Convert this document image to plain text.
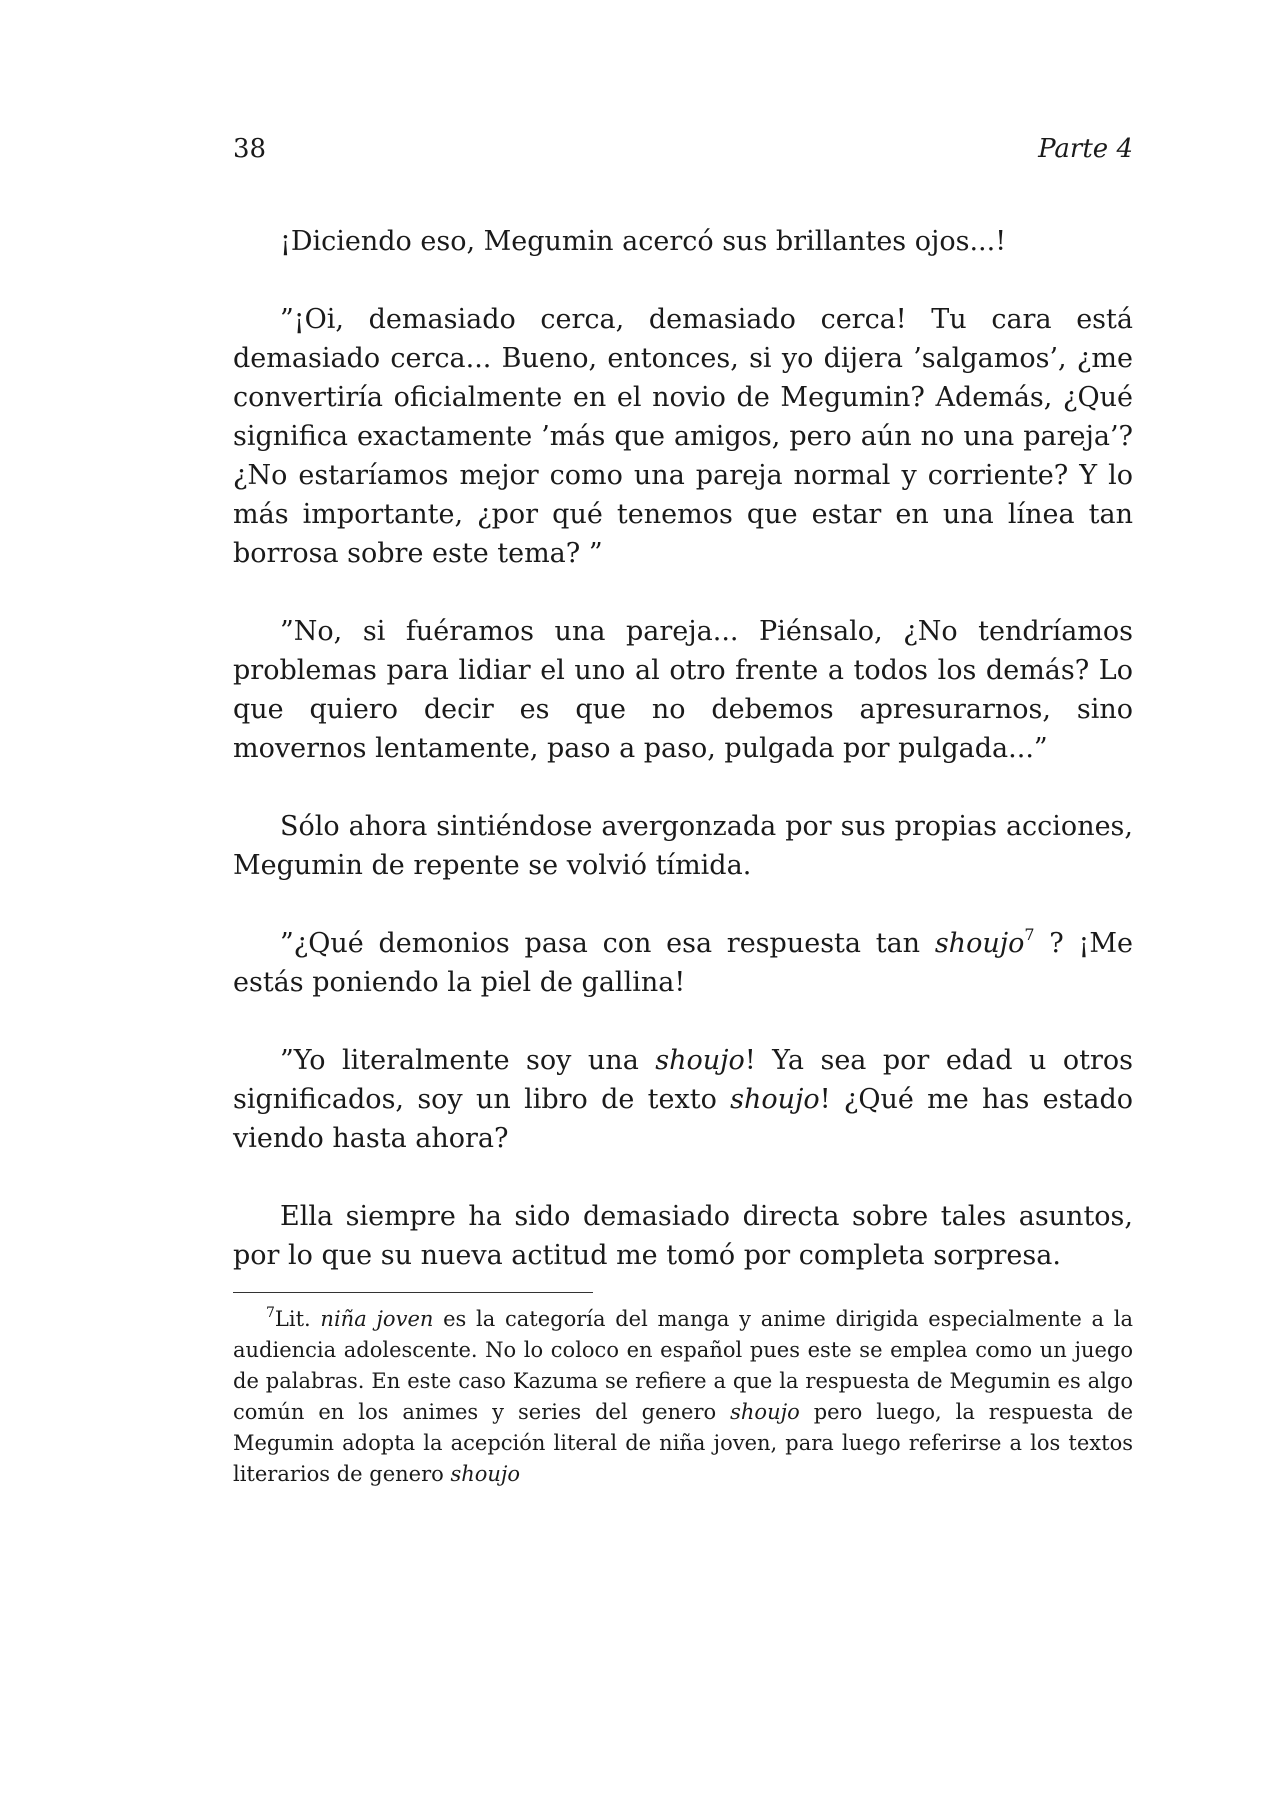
38	Parte 4

¡Diciendo eso, Megumin acercó sus brillantes ojos...!

”¡Oi, demasiado cerca, demasiado cerca! Tu cara está demasiado cerca... Bueno, entonces, si yo dijera ’salgamos’, ¿me convertiría oficialmente en el novio de Megumin? Además, ¿Qué significa exactamente ’más que amigos, pero aún no una pareja’? ¿No estaríamos mejor como una pareja normal y corriente? Y lo más importante, ¿por qué tenemos que estar en una línea tan borrosa sobre este tema? ”

”No, si fuéramos una pareja... Piénsalo, ¿No tendríamos problemas para lidiar el uno al otro frente a todos los demás? Lo que quiero decir es que no debemos apresurarnos, sino movernos lentamente, paso a paso, pulgada por pulgada...”

Sólo ahora sintiéndose avergonzada por sus propias acciones, Megumin de repente se volvió tímida.

”¿Qué demonios pasa con esa respuesta tan shoujo$^7$ ? ¡Me estás poniendo la piel de gallina!

”Yo literalmente soy una shoujo! Ya sea por edad u otros significados, soy un libro de texto shoujo! ¿Qué me has estado viendo hasta ahora?

Ella siempre ha sido demasiado directa sobre tales asuntos, por lo que su nueva actitud me tomó por completa sorpresa.

$^7$Lit. niña joven es la categoría del manga y anime dirigida especialmente a la audiencia adolescente. No lo coloco en español pues este se emplea como un juego de palabras. En este caso Kazuma se refiere a que la respuesta de Megumin es algo común en los animes y series del genero shoujo pero luego, la respuesta de Megumin adopta la acepción literal de niña joven, para luego referirse a los textos literarios de genero shoujo
